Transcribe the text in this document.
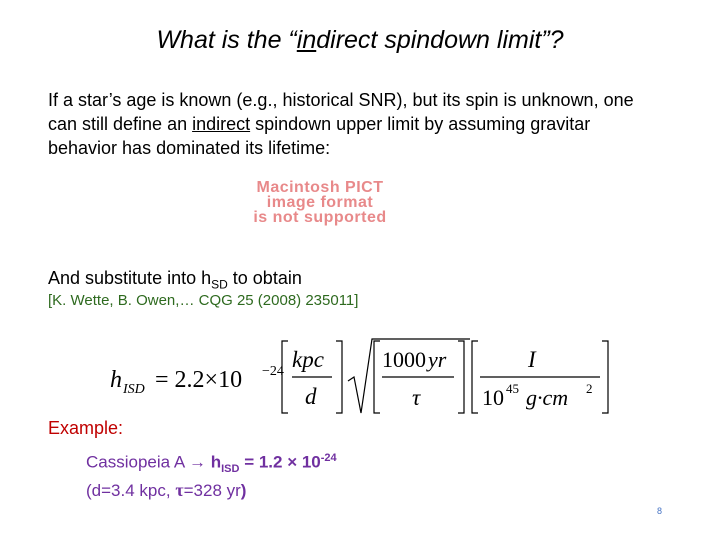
What is the “indirect spindown limit”?
If a star’s age is known (e.g., historical SNR), but its spin is unknown, one can still define an indirect spindown upper limit by assuming gravitar behavior has dominated its lifetime:
Macintosh PICT
image format
is not supported
And substitute into $h_{SD}$ to obtain
[K. Wette, B. Owen,… CQG 25 (2008) 235011]
h ISD = 2.2×10 −24 kpc
d
1000 yr
τ
I
10 45 g·cm 2
Example:
Cassiopeia $A \to h_{ISD} = 1.2 \times 10^{-24}$
(d=3.4 kpc, τ=328 yr)
8
